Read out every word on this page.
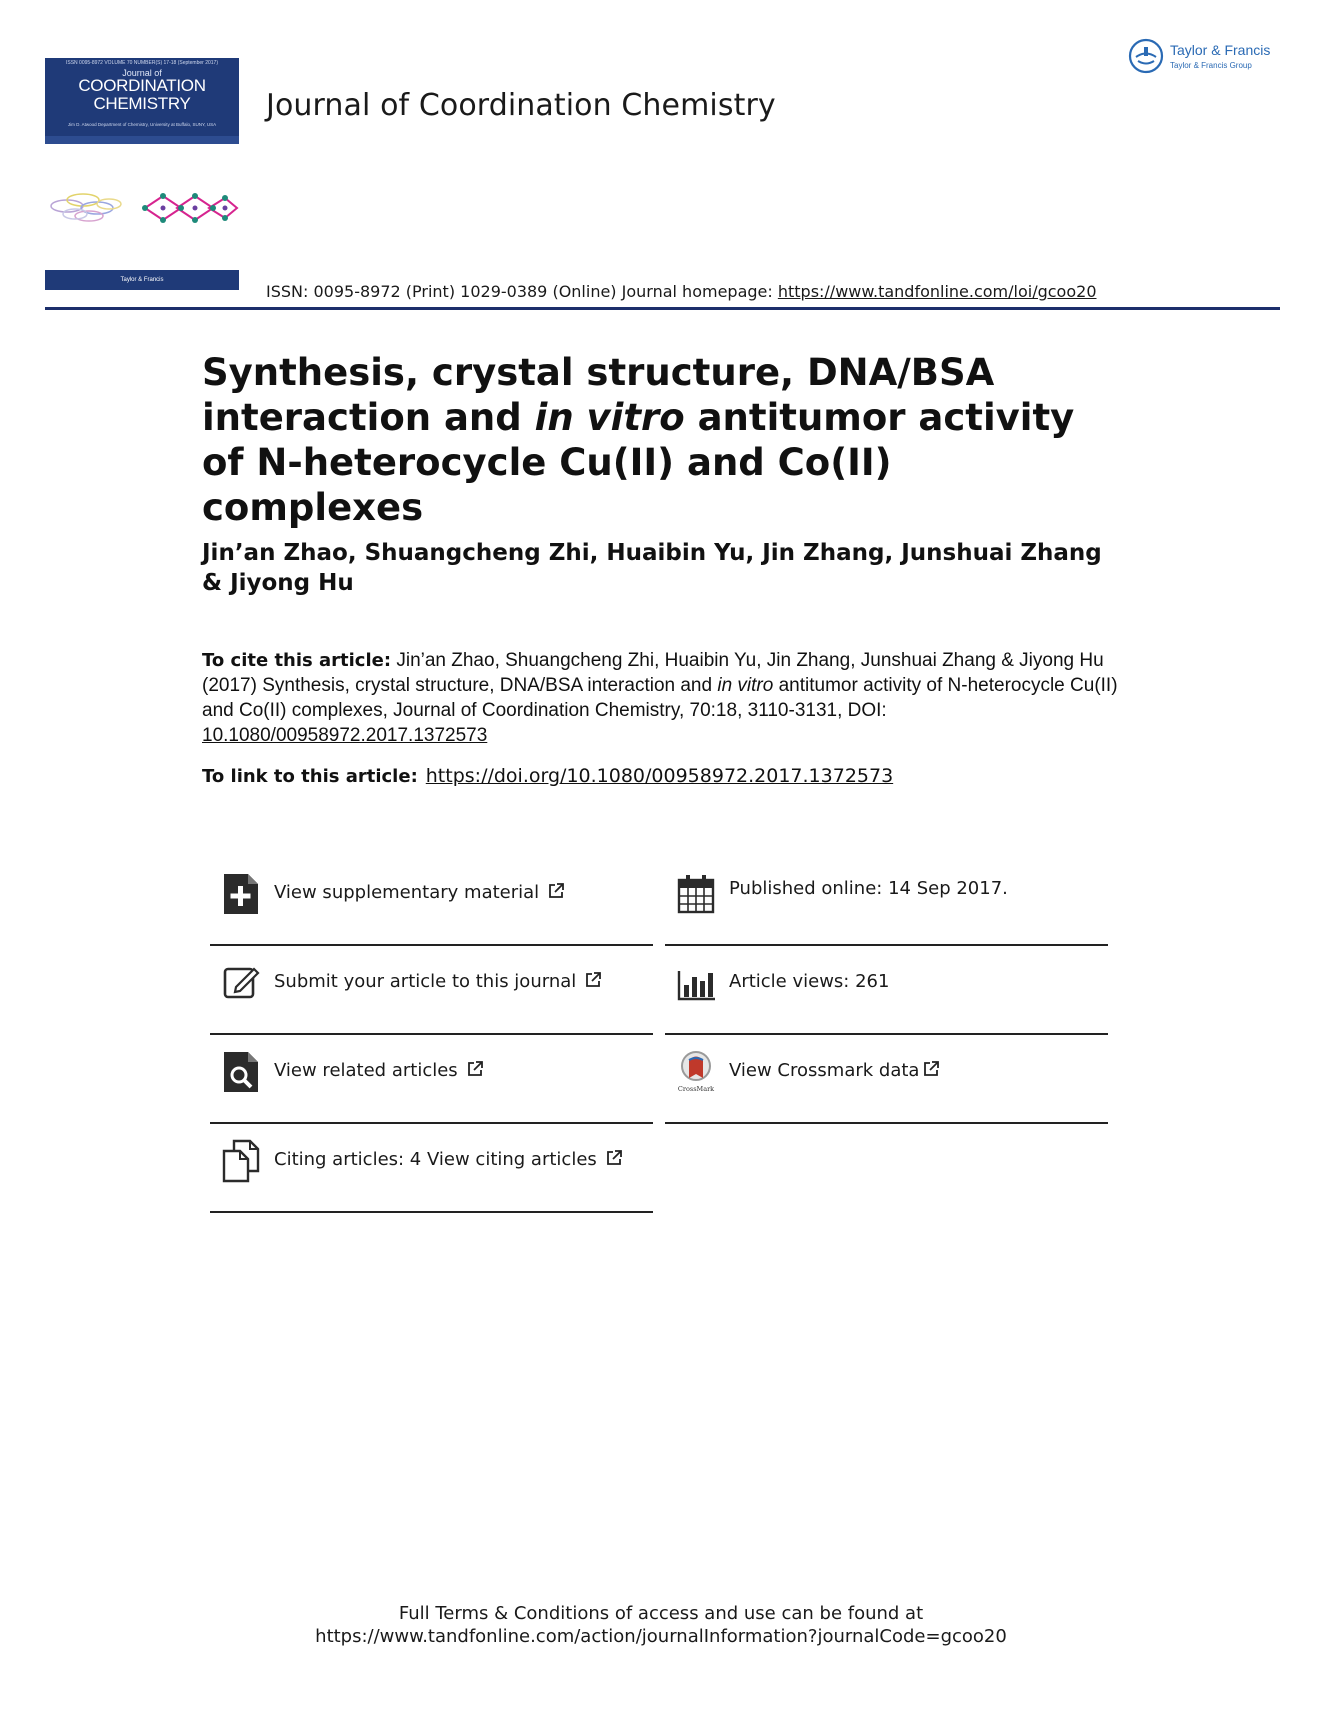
ISSN 0095-8972 VOLUME 70 NUMBER(S) 17-18 (September 2017)
Journal of
COORDINATION
CHEMISTRY
Jim D. Atwood Department of Chemistry, University at Buffalo, SUNY, USA
Taylor & Francis
Journal of Coordination Chemistry
Taylor & Francis
Taylor & Francis Group
ISSN: 0095-8972 (Print) 1029-0389 (Online) Journal homepage: https://www.tandfonline.com/loi/gcoo20
Synthesis, crystal structure, DNA/BSA interaction and in vitro antitumor activity of N-heterocycle Cu(II) and Co(II) complexes
Jin’an Zhao, Shuangcheng Zhi, Huaibin Yu, Jin Zhang, Junshuai Zhang & Jiyong Hu
To cite this article: Jin’an Zhao, Shuangcheng Zhi, Huaibin Yu, Jin Zhang, Junshuai Zhang & Jiyong Hu (2017) Synthesis, crystal structure, DNA/BSA interaction and in vitro antitumor activity of N-heterocycle Cu(II) and Co(II) complexes, Journal of Coordination Chemistry, 70:18, 3110-3131, DOI: 10.1080/00958972.2017.1372573
To link to this article: https://doi.org/10.1080/00958972.2017.1372573
View supplementary material	Published online: 14 Sep 2017.
Submit your article to this journal	Article views: 261
View related articles
CrossMark
View Crossmark data
Citing articles: 4 View citing articles
Full Terms & Conditions of access and use can be found at
https://www.tandfonline.com/action/journalInformation?journalCode=gcoo20
